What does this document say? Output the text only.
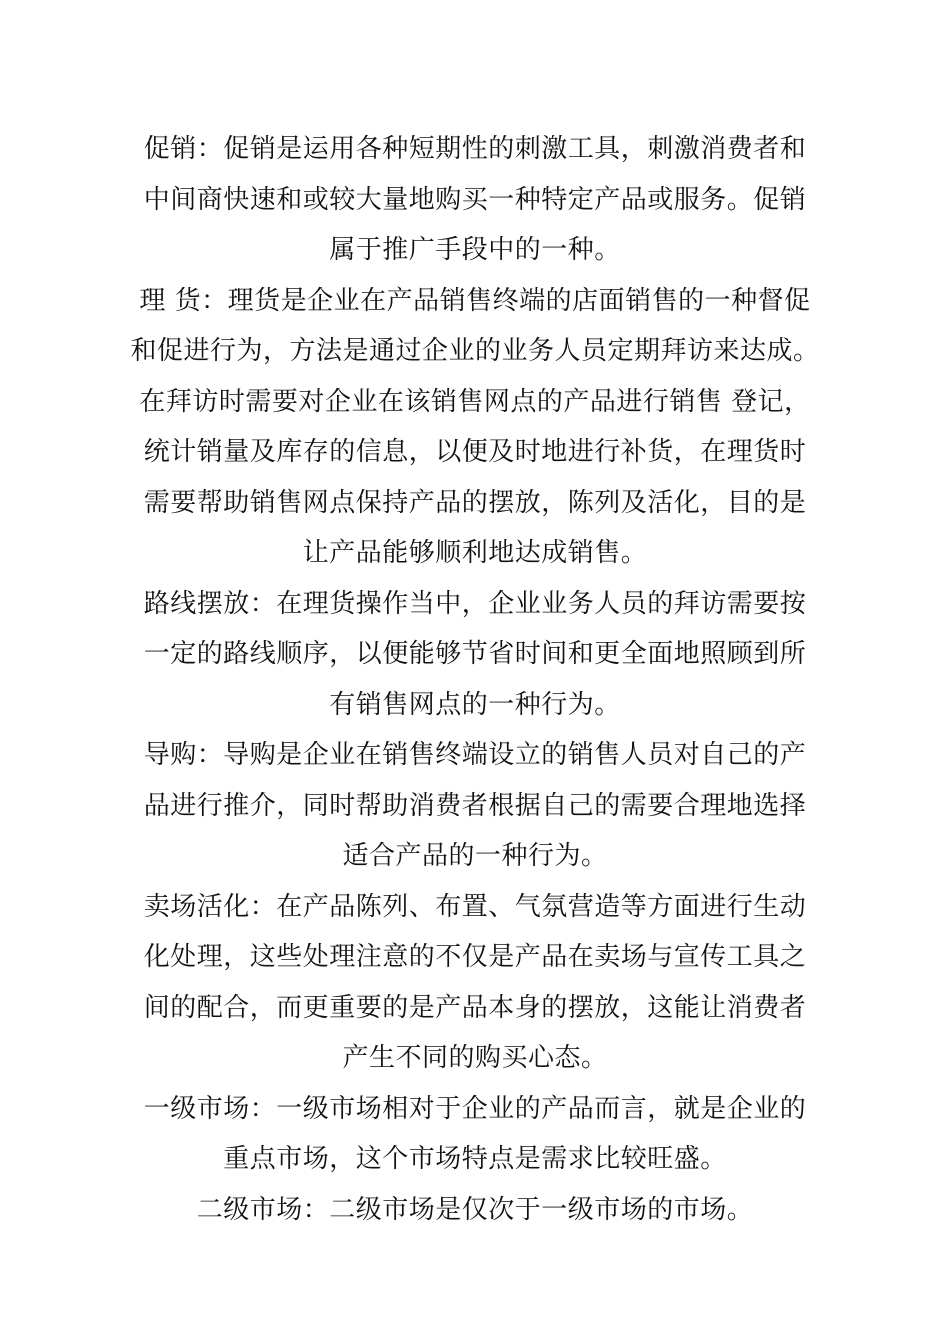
促销：促销是运用各种短期性的刺激工具，刺激消费者和
中间商快速和或较大量地购买一种特定产品或服务。促销
属于推广手段中的一种。
理 货：理货是企业在产品销售终端的店面销售的一种督促
和促进行为，方法是通过企业的业务人员定期拜访来达成。
在拜访时需要对企业在该销售网点的产品进行销售 登记，
统计销量及库存的信息，以便及时地进行补货，在理货时
需要帮助销售网点保持产品的摆放，陈列及活化，目的是
让产品能够顺利地达成销售。
路线摆放：在理货操作当中，企业业务人员的拜访需要按
一定的路线顺序，以便能够节省时间和更全面地照顾到所
有销售网点的一种行为。
导购：导购是企业在销售终端设立的销售人员对自己的产
品进行推介，同时帮助消费者根据自己的需要合理地选择
适合产品的一种行为。
卖场活化：在产品陈列、布置、气氛营造等方面进行生动
化处理，这些处理注意的不仅是产品在卖场与宣传工具之
间的配合，而更重要的是产品本身的摆放，这能让消费者
产生不同的购买心态。
一级市场：一级市场相对于企业的产品而言，就是企业的
重点市场，这个市场特点是需求比较旺盛。
二级市场：二级市场是仅次于一级市场的市场。
